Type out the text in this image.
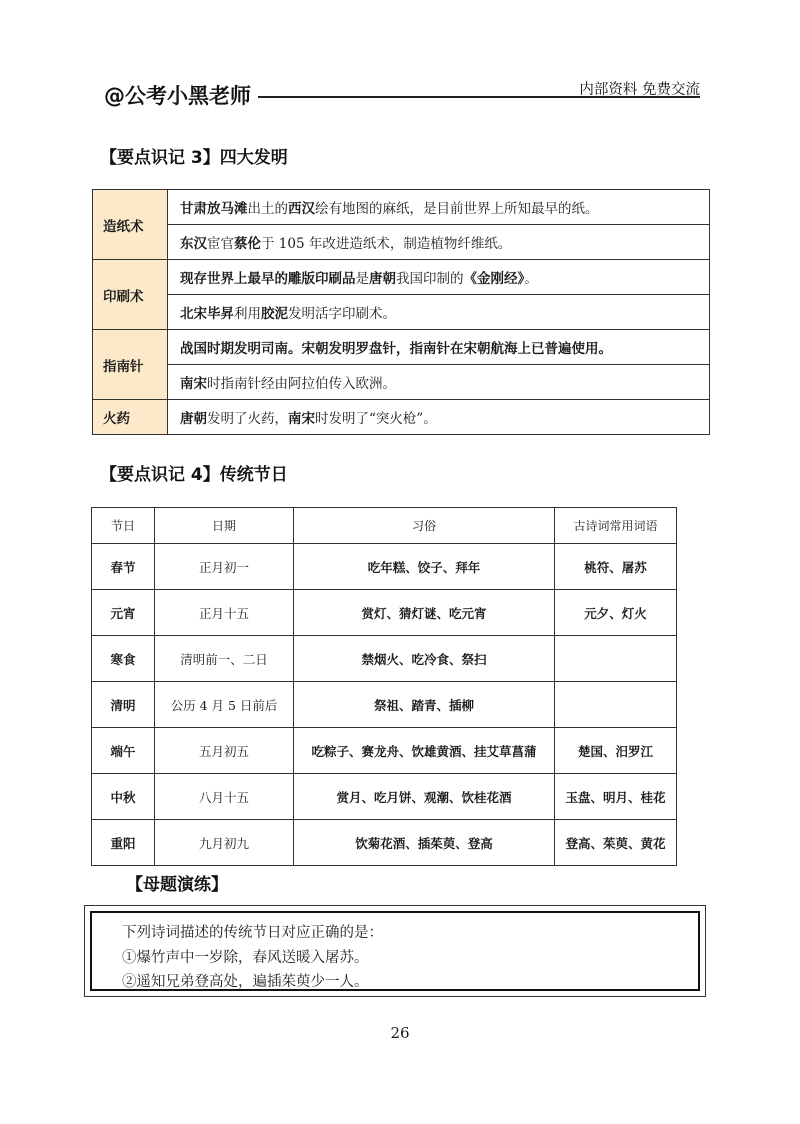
@公考小黑老师	内部资料 免费交流
【要点识记 3】四大发明
造纸术	甘肃放马滩出土的西汉绘有地图的麻纸，是目前世界上所知最早的纸。
	东汉宦官蔡伦于 105 年改进造纸术，制造植物纤维纸。
印刷术	现存世界上最早的雕版印刷品是唐朝我国印制的《金刚经》。
	北宋毕昇利用胶泥发明活字印刷术。
指南针	战国时期发明司南。宋朝发明罗盘针，指南针在宋朝航海上已普遍使用。
	南宋时指南针经由阿拉伯传入欧洲。
火药	唐朝发明了火药，南宋时发明了“突火枪”。
【要点识记 4】传统节日
节日	日期	习俗	古诗词常用词语
春节	正月初一	吃年糕、饺子、拜年	桃符、屠苏
元宵	正月十五	赏灯、猜灯谜、吃元宵	元夕、灯火
寒食	清明前一、二日	禁烟火、吃冷食、祭扫	
清明	公历 4 月 5 日前后	祭祖、踏青、插柳	
端午	五月初五	吃粽子、赛龙舟、饮雄黄酒、挂艾草菖蒲	楚国、汨罗江
中秋	八月十五	赏月、吃月饼、观潮、饮桂花酒	玉盘、明月、桂花
重阳	九月初九	饮菊花酒、插茱萸、登高	登高、茱萸、黄花
【母题演练】
下列诗词描述的传统节日对应正确的是：
①爆竹声中一岁除，春风送暖入屠苏。
②遥知兄弟登高处，遍插茱萸少一人。
26
